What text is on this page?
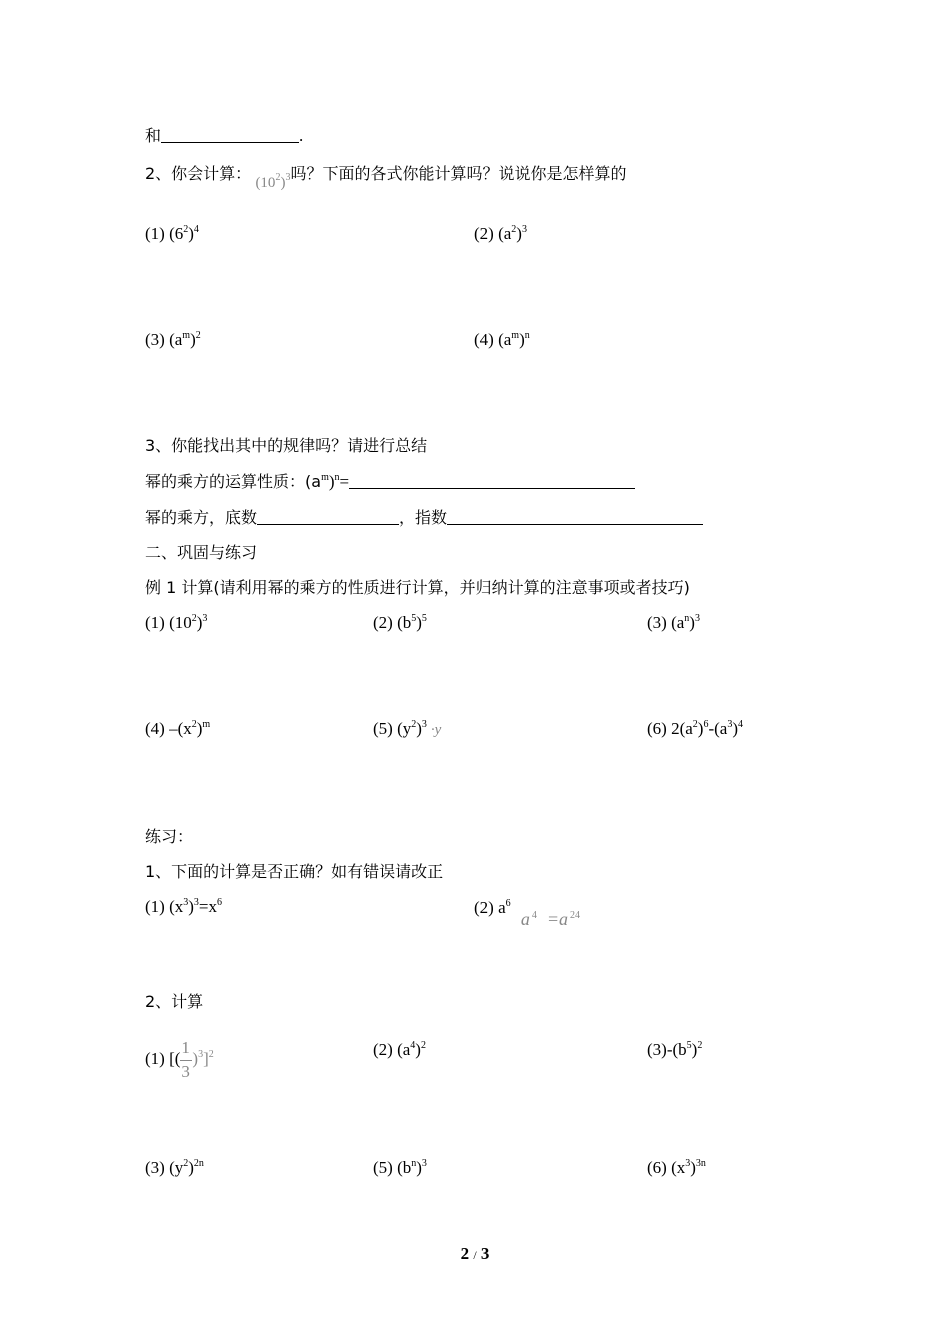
和	.
2、你会计算： $(10^2)^3$吗？下面的各式你能计算吗？说说你是怎样算的
(1) $(6^2)^4$	(2) $(a^2)^3$
(3) $(a^m)^2$	(4) $(a^m)^n$
3、你能找出其中的规律吗？请进行总结
幂的乘方的运算性质：$(a^m)^n=$
幂的乘方，底数	，指数
二、巩固与练习
例 1 计算(请利用幂的乘方的性质进行计算，并归纳计算的注意事项或者技巧)
(1) $(10^2)^3$	(2) $(b^5)^5$	(3) $(a^n)^3$
(4) $-(x^2)^m$	(5) $(y^2)^3 \cdot y$	(6) $2(a^2)^6-(a^3)^4$
练习：
1、下面的计算是否正确？如有错误请改正
(1) $(x^3)^3=x^6$	(2) $a^6$ a $^4$ =a $^{24}$
2、计算
(1) [( $\frac{1}{3} )^3]^2$	(2) $(a^4)^2$	$(3)-(b^5)^2$
(3) $(y^2)^{2n}$	(5) $(b^n)^3$	(6) $(x^3)^{3n}$
2 / 3
